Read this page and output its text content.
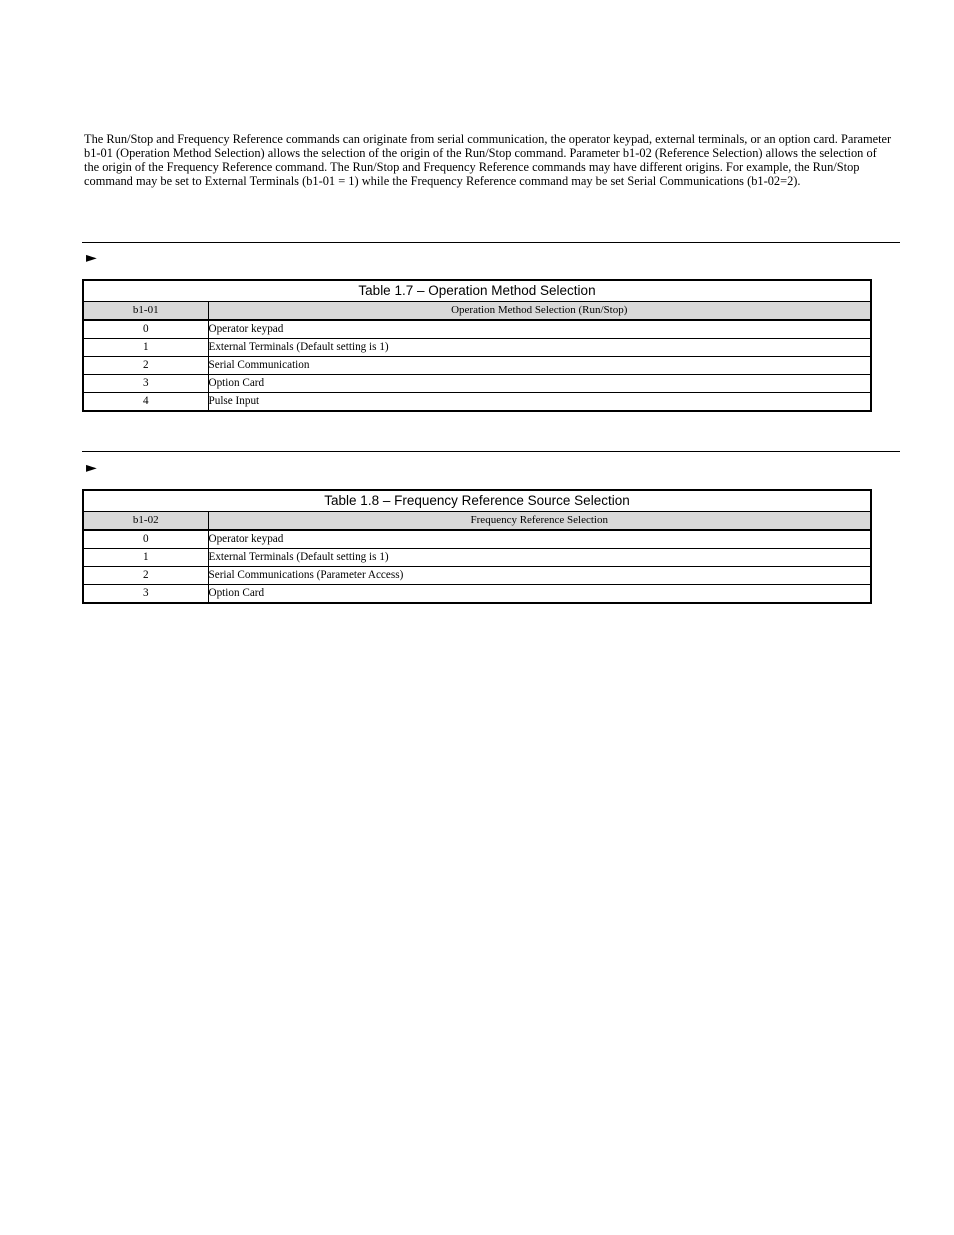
The Run/Stop and Frequency Reference commands can originate from serial communication, the operator keypad, external terminals, or an option card. Parameter b1-01 (Operation Method Selection) allows the selection of the origin of the Run/Stop command. Parameter b1-02 (Reference Selection) allows the selection of the origin of the Frequency Reference command. The Run/Stop and Frequency Reference commands may have different origins. For example, the Run/Stop command may be set to External Terminals (b1-01 = 1) while the Frequency Reference command may be set Serial Communications (b1-02=2).

►
Table 1.7 – Operation Method Selection	
b1-01	Operation Method Selection (Run/Stop)
0	Operator keypad
1	External Terminals (Default setting is 1)
2	Serial Communication
3	Option Card
4	Pulse Input
►
Table 1.8 – Frequency Reference Source Selection	
b1-02	Frequency Reference Selection
0	Operator keypad
1	External Terminals (Default setting is 1)
2	Serial Communications (Parameter Access)
3	Option Card
